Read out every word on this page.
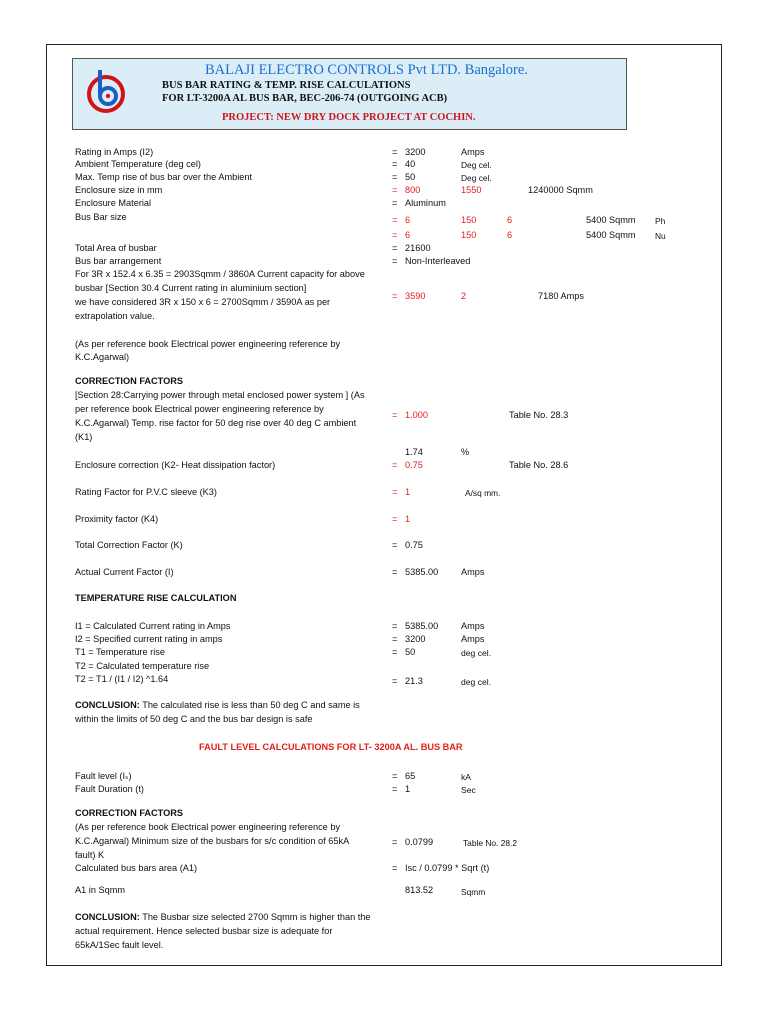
BALAJI ELECTRO CONTROLS Pvt LTD. Bangalore.
BUS BAR RATING & TEMP. RISE CALCULATIONS
FOR LT-3200A AL BUS BAR, BEC-206-74 (OUTGOING ACB)
PROJECT: NEW DRY DOCK PROJECT AT COCHIN.
Rating in Amps (I2)	= 3200	Amps
Ambient Temperature (deg cel)	= 40	Deg cel.
Max. Temp rise of bus bar over the Ambient	= 50	Deg cel.
Enclosure size in mm	= 800	1550	1240000 Sqmm
Enclosure Material	= Aluminum
Bus Bar size	= 6	150	6	5400 Sqmm Ph
= 6	150	6	5400 Sqmm Nu
Total Area of busbar	= 21600
Bus bar arrangement	= Non-Interleaved
For 3R x 152.4 x 6.35 = 2903Sqmm / 3860A Current capacity for above
busbar [Section 30.4 Current rating in aluminium section]
we have considered 3R x 150 x 6 = 2700Sqmm / 3590A as per
extrapolation value.
= 3590	2	7180 Amps
(As per reference book Electrical power engineering reference by
K.C.Agarwal)
CORRECTION FACTORS
[Section 28:Carrying power through metal enclosed power system ] (As
per reference book Electrical power engineering reference by
K.C.Agarwal) Temp. rise factor for 50 deg rise over 40 deg C ambient
(K1)
= 1.000	Table No. 28.3
1.74	%
Enclosure correction (K2- Heat dissipation factor)	= 0.75	Table No. 28.6
Rating Factor for P.V.C sleeve (K3)	= 1	A/sq mm.
Proximity factor (K4)	= 1
Total Correction Factor (K)	= 0.75
Actual Current Factor (I)	= 5385.00 Amps
TEMPERATURE RISE CALCULATION
I1 = Calculated Current rating in Amps	= 5385.00 Amps
I2 = Specified current rating in amps	= 3200	Amps
T1 = Temperature rise	= 50	deg cel.
T2 = Calculated temperature rise
T2 = T1 / (I1 / I2) ^1.64	= 21.3	deg cel.
CONCLUSION: The calculated rise is less than 50 deg C and same is
within the limits of 50 deg C and the bus bar design is safe
FAULT LEVEL CALCULATIONS FOR LT- 3200A AL. BUS BAR
Fault level (Iₛ)	= 65	kA
Fault Duration (t)	= 1	Sec
CORRECTION FACTORS
(As per reference book Electrical power engineering reference by
K.C.Agarwal) Minimum size of the busbars for s/c condition of 65kA
fault) K
= 0.0799	Table No. 28.2
Calculated bus bars area (A1)	= Isc / 0.0799 * Sqrt (t)
A1 in Sqmm	813.52	Sqmm
CONCLUSION: The Busbar size selected 2700 Sqmm is higher than the
actual requirement. Hence selected busbar size is adequate for
65kA/1Sec fault level.
